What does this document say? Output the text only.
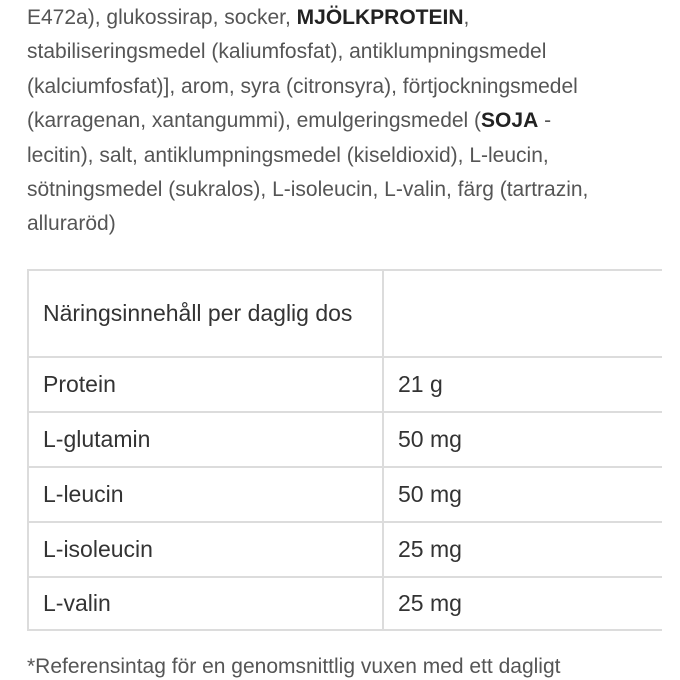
E472a), glukossirap, socker, MJÖLKPROTEIN,
stabiliseringsmedel (kaliumfosfat), antiklumpningsmedel
(kalciumfosfat)], arom, syra (citronsyra), förtjockningsmedel
(karragenan, xantangummi), emulgeringsmedel (SOJA -
lecitin), salt, antiklumpningsmedel (kiseldioxid), L-leucin,
sötningsmedel (sukralos), L-isoleucin, L-valin, färg (tartrazin,
alluraröd)
Näringsinnehåll per daglig dos	
Protein	21 g
L-glutamin	50 mg
L-leucin	50 mg
L-isoleucin	25 mg
L-valin	25 mg
*Referensintag för en genomsnittlig vuxen med ett dagligt
